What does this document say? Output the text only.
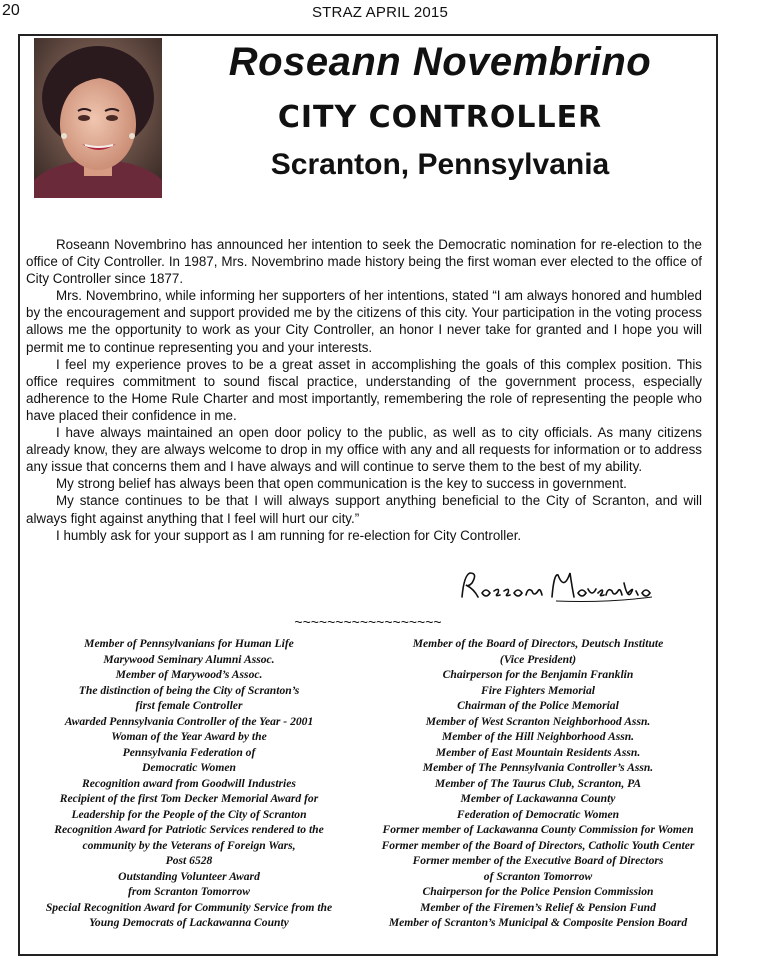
20	STRAZ APRIL 2015
Roseann Novembrino
CITY CONTROLLER
Scranton, Pennsylvania

Roseann Novembrino has announced her intention to seek the Democratic nomination for re-election to the office of City Controller. In 1987, Mrs. Novembrino made history being the first woman ever elected to the office of City Controller since 1877.

Mrs. Novembrino, while informing her supporters of her intentions, stated “I am always honored and humbled by the encouragement and support provided me by the citizens of this city. Your participation in the voting process allows me the opportunity to work as your City Controller, an honor I never take for granted and I hope you will permit me to continue representing you and your interests.

I feel my experience proves to be a great asset in accomplishing the goals of this complex position. This office requires commitment to sound fiscal practice, understanding of the government process, especially adherence to the Home Rule Charter and most importantly, remembering the role of representing the people who have placed their confidence in me.

I have always maintained an open door policy to the public, as well as to city officials. As many citizens already know, they are always welcome to drop in my office with any and all requests for information or to address any issue that concerns them and I have always and will continue to serve them to the best of my ability.

My strong belief has always been that open communication is the key to success in government.

My stance continues to be that I will always support anything beneficial to the City of Scranton, and will always fight against anything that I feel will hurt our city.”

I humbly ask for your support as I am running for re-election for City Controller.

~~~~~~~~~~~~~~~~~~
Member of Pennsylvanians for Human Life
Marywood Seminary Alumni Assoc.
Member of Marywood’s Assoc.
The distinction of being the City of Scranton’s
first female Controller
Awarded Pennsylvania Controller of the Year - 2001
Woman of the Year Award by the
Pennsylvania Federation of
Democratic Women
Recognition award from Goodwill Industries
Recipient of the first Tom Decker Memorial Award for
Leadership for the People of the City of Scranton
Recognition Award for Patriotic Services rendered to the
community by the Veterans of Foreign Wars,
Post 6528
Outstanding Volunteer Award
from Scranton Tomorrow
Special Recognition Award for Community Service from the
Young Democrats of Lackawanna County
Member of the Board of Directors, Deutsch Institute
(Vice President)
Chairperson for the Benjamin Franklin
Fire Fighters Memorial
Chairman of the Police Memorial
Member of West Scranton Neighborhood Assn.
Member of the Hill Neighborhood Assn.
Member of East Mountain Residents Assn.
Member of The Pennsylvania Controller’s Assn.
Member of The Taurus Club, Scranton, PA
Member of Lackawanna County
Federation of Democratic Women
Former member of Lackawanna County Commission for Women
Former member of the Board of Directors, Catholic Youth Center
Former member of the Executive Board of Directors
of Scranton Tomorrow
Chairperson for the Police Pension Commission
Member of the Firemen’s Relief & Pension Fund
Member of Scranton’s Municipal & Composite Pension Board
